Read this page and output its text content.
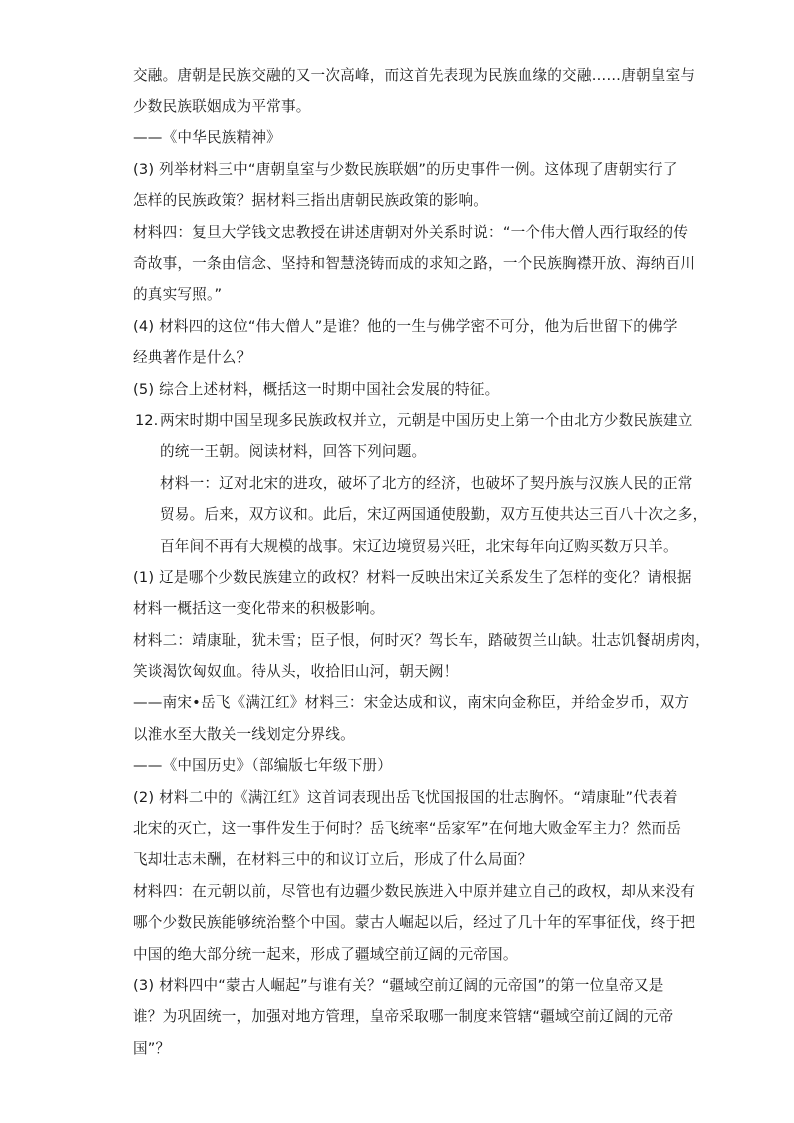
交融。唐朝是民族交融的又一次高峰，而这首先表现为民族血缘的交融……唐朝皇室与
少数民族联姻成为平常事。
——《中华民族精神》
(3) 列举材料三中“唐朝皇室与少数民族联姻”的历史事件一例。这体现了唐朝实行了
怎样的民族政策？据材料三指出唐朝民族政策的影响。
材料四：复旦大学钱文忠教授在讲述唐朝对外关系时说：“一个伟大僧人西行取经的传
奇故事，一条由信念、坚持和智慧浇铸而成的求知之路，一个民族胸襟开放、海纳百川
的真实写照。”
(4) 材料四的这位“伟大僧人”是谁？他的一生与佛学密不可分，他为后世留下的佛学
经典著作是什么？
(5) 综合上述材料，概括这一时期中国社会发展的特征。
12. 两宋时期中国呈现多民族政权并立，元朝是中国历史上第一个由北方少数民族建立
的统一王朝。阅读材料，回答下列问题。
材料一：辽对北宋的进攻，破坏了北方的经济，也破坏了契丹族与汉族人民的正常
贸易。后来，双方议和。此后，宋辽两国通使殷勤，双方互使共达三百八十次之多，
百年间不再有大规模的战事。宋辽边境贸易兴旺，北宋每年向辽购买数万只羊。
(1) 辽是哪个少数民族建立的政权？材料一反映出宋辽关系发生了怎样的变化？请根据
材料一概括这一变化带来的积极影响。
材料二：靖康耻，犹未雪；臣子恨，何时灭？驾长车，踏破贺兰山缺。壮志饥餐胡虏肉，
笑谈渴饮匈奴血。待从头，收拾旧山河，朝天阙！
——南宋•岳飞《满江红》材料三：宋金达成和议，南宋向金称臣，并给金岁币，双方
以淮水至大散关一线划定分界线。
——《中国历史》（部编版七年级下册）
(2) 材料二中的《满江红》这首词表现出岳飞忧国报国的壮志胸怀。“靖康耻”代表着
北宋的灭亡，这一事件发生于何时？岳飞统率“岳家军”在何地大败金军主力？然而岳
飞却壮志未酬，在材料三中的和议订立后，形成了什么局面？
材料四：在元朝以前，尽管也有边疆少数民族进入中原并建立自己的政权，却从来没有
哪个少数民族能够统治整个中国。蒙古人崛起以后，经过了几十年的军事征伐，终于把
中国的绝大部分统一起来，形成了疆域空前辽阔的元帝国。
(3) 材料四中“蒙古人崛起”与谁有关？“疆域空前辽阔的元帝国”的第一位皇帝又是
谁？为巩固统一，加强对地方管理，皇帝采取哪一制度来管辖“疆域空前辽阔的元帝
国”？
